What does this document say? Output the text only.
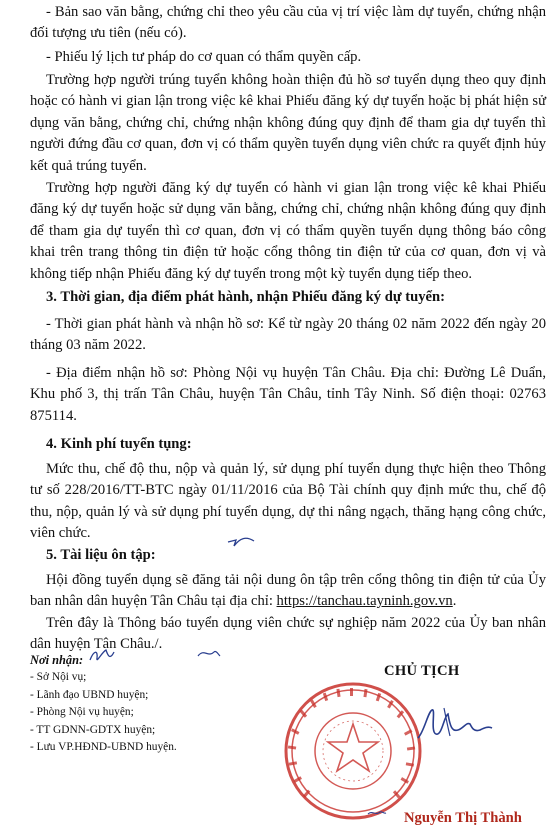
- Bản sao văn bằng, chứng chỉ theo yêu cầu của vị trí việc làm dự tuyển, chứng nhận đối tượng ưu tiên (nếu có).
- Phiếu lý lịch tư pháp do cơ quan có thẩm quyền cấp.
Trường hợp người trúng tuyển không hoàn thiện đủ hồ sơ tuyển dụng theo quy định hoặc có hành vi gian lận trong việc kê khai Phiếu đăng ký dự tuyển hoặc bị phát hiện sử dụng văn bằng, chứng chỉ, chứng nhận không đúng quy định để tham gia dự tuyển thì người đứng đầu cơ quan, đơn vị có thẩm quyền tuyển dụng viên chức ra quyết định hủy kết quả trúng tuyển.
Trường hợp người đăng ký dự tuyển có hành vi gian lận trong việc kê khai Phiếu đăng ký dự tuyển hoặc sử dụng văn bằng, chứng chỉ, chứng nhận không đúng quy định để tham gia dự tuyển thì cơ quan, đơn vị có thẩm quyền tuyển dụng thông báo công khai trên trang thông tin điện tử hoặc cổng thông tin điện tử của cơ quan, đơn vị và không tiếp nhận Phiếu đăng ký dự tuyển trong một kỳ tuyển dụng tiếp theo.
3. Thời gian, địa điểm phát hành, nhận Phiếu đăng ký dự tuyển:
- Thời gian phát hành và nhận hồ sơ: Kể từ ngày 20 tháng 02 năm 2022 đến ngày 20 tháng 03 năm 2022.
- Địa điểm nhận hồ sơ: Phòng Nội vụ huyện Tân Châu. Địa chỉ: Đường Lê Duẩn, Khu phố 3, thị trấn Tân Châu, huyện Tân Châu, tỉnh Tây Ninh. Số điện thoại: 02763 875114.
4. Kinh phí tuyển tụng:
Mức thu, chế độ thu, nộp và quản lý, sử dụng phí tuyển dụng thực hiện theo Thông tư số 228/2016/TT-BTC ngày 01/11/2016 của Bộ Tài chính quy định mức thu, chế độ thu, nộp, quản lý và sử dụng phí tuyển dụng, dự thi nâng ngạch, thăng hạng công chức, viên chức.
5. Tài liệu ôn tập:
Hội đồng tuyển dụng sẽ đăng tải nội dung ôn tập trên cổng thông tin điện tử của Ủy ban nhân dân huyện Tân Châu tại địa chỉ: https://tanchau.tayninh.gov.vn.
Trên đây là Thông báo tuyển dụng viên chức sự nghiệp năm 2022 của Ủy ban nhân dân huyện Tân Châu./.
Nơi nhận:
- Sở Nội vụ;
- Lãnh đạo UBND huyện;
- Phòng Nội vụ huyện;
- TT GDNN-GDTX huyện;
- Lưu VP.HĐND-UBND huyện.
CHỦ TỊCH
Nguyễn Thị Thành
